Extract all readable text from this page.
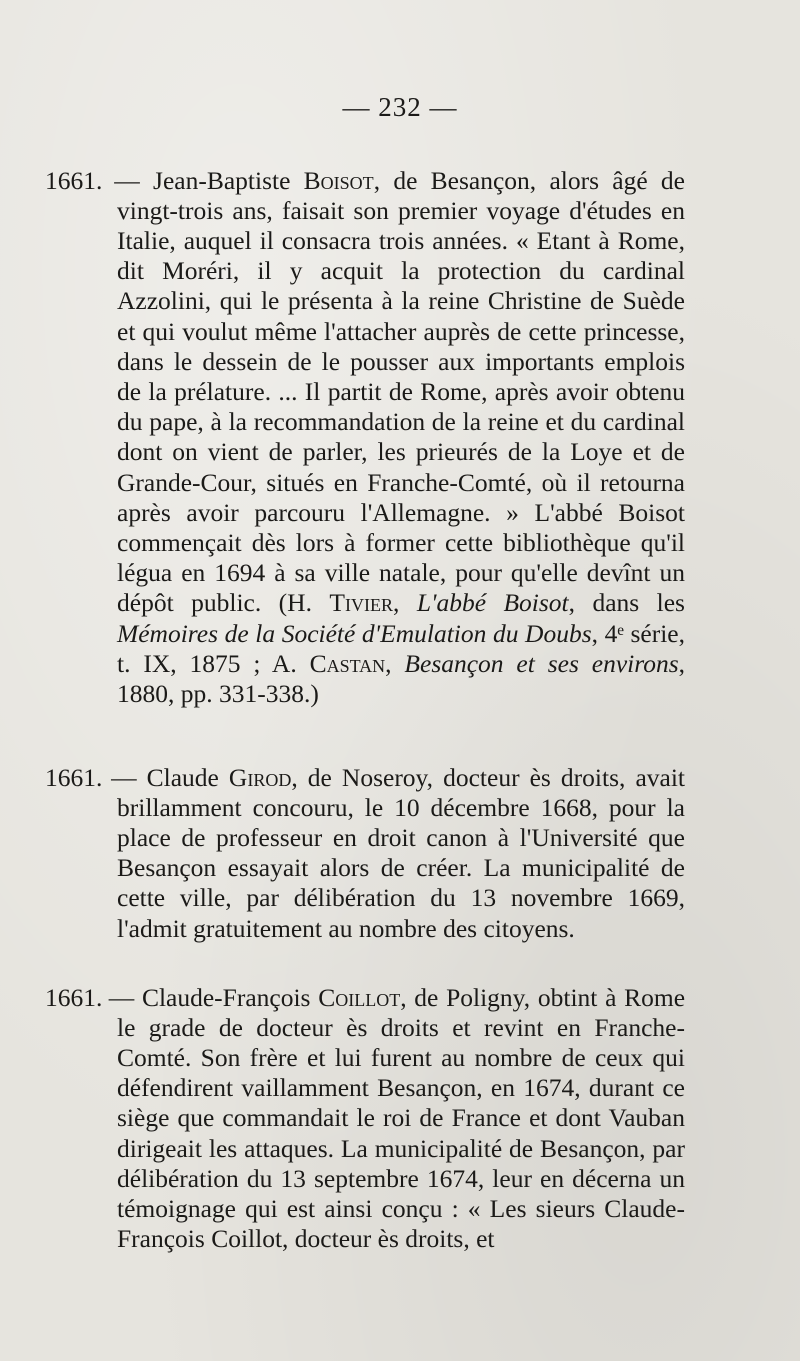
— 232 —

1661. — Jean-Baptiste Boisot, de Besançon, alors âgé de vingt-trois ans, faisait son premier voyage d'études en Italie, auquel il consacra trois années. « Etant à Rome, dit Moréri, il y acquit la protection du cardinal Azzolini, qui le présenta à la reine Christine de Suède et qui voulut même l'attacher auprès de cette princesse, dans le dessein de le pousser aux importants emplois de la prélature. ... Il partit de Rome, après avoir obtenu du pape, à la recommandation de la reine et du cardinal dont on vient de parler, les prieurés de la Loye et de Grande-Cour, situés en Franche-Comté, où il retourna après avoir parcouru l'Allemagne. » L'abbé Boisot commençait dès lors à former cette bibliothèque qu'il légua en 1694 à sa ville natale, pour qu'elle devînt un dépôt public. (H. Tivier, L'abbé Boisot, dans les Mémoires de la Société d'Emulation du Doubs, 4ᵉ série, t. IX, 1875 ; A. Castan, Besançon et ses environs, 1880, pp. 331-338.)

1661. — Claude Girod, de Noseroy, docteur ès droits, avait brillamment concouru, le 10 décembre 1668, pour la place de professeur en droit canon à l'Université que Besançon essayait alors de créer. La municipalité de cette ville, par délibération du 13 novembre 1669, l'admit gratuitement au nombre des citoyens.

1661. — Claude-François Coillot, de Poligny, obtint à Rome le grade de docteur ès droits et revint en Franche-Comté. Son frère et lui furent au nombre de ceux qui défendirent vaillamment Besançon, en 1674, durant ce siège que commandait le roi de France et dont Vauban dirigeait les attaques. La municipalité de Besançon, par délibération du 13 septembre 1674, leur en décerna un témoignage qui est ainsi conçu : « Les sieurs Claude-François Coillot, docteur ès droits, et
